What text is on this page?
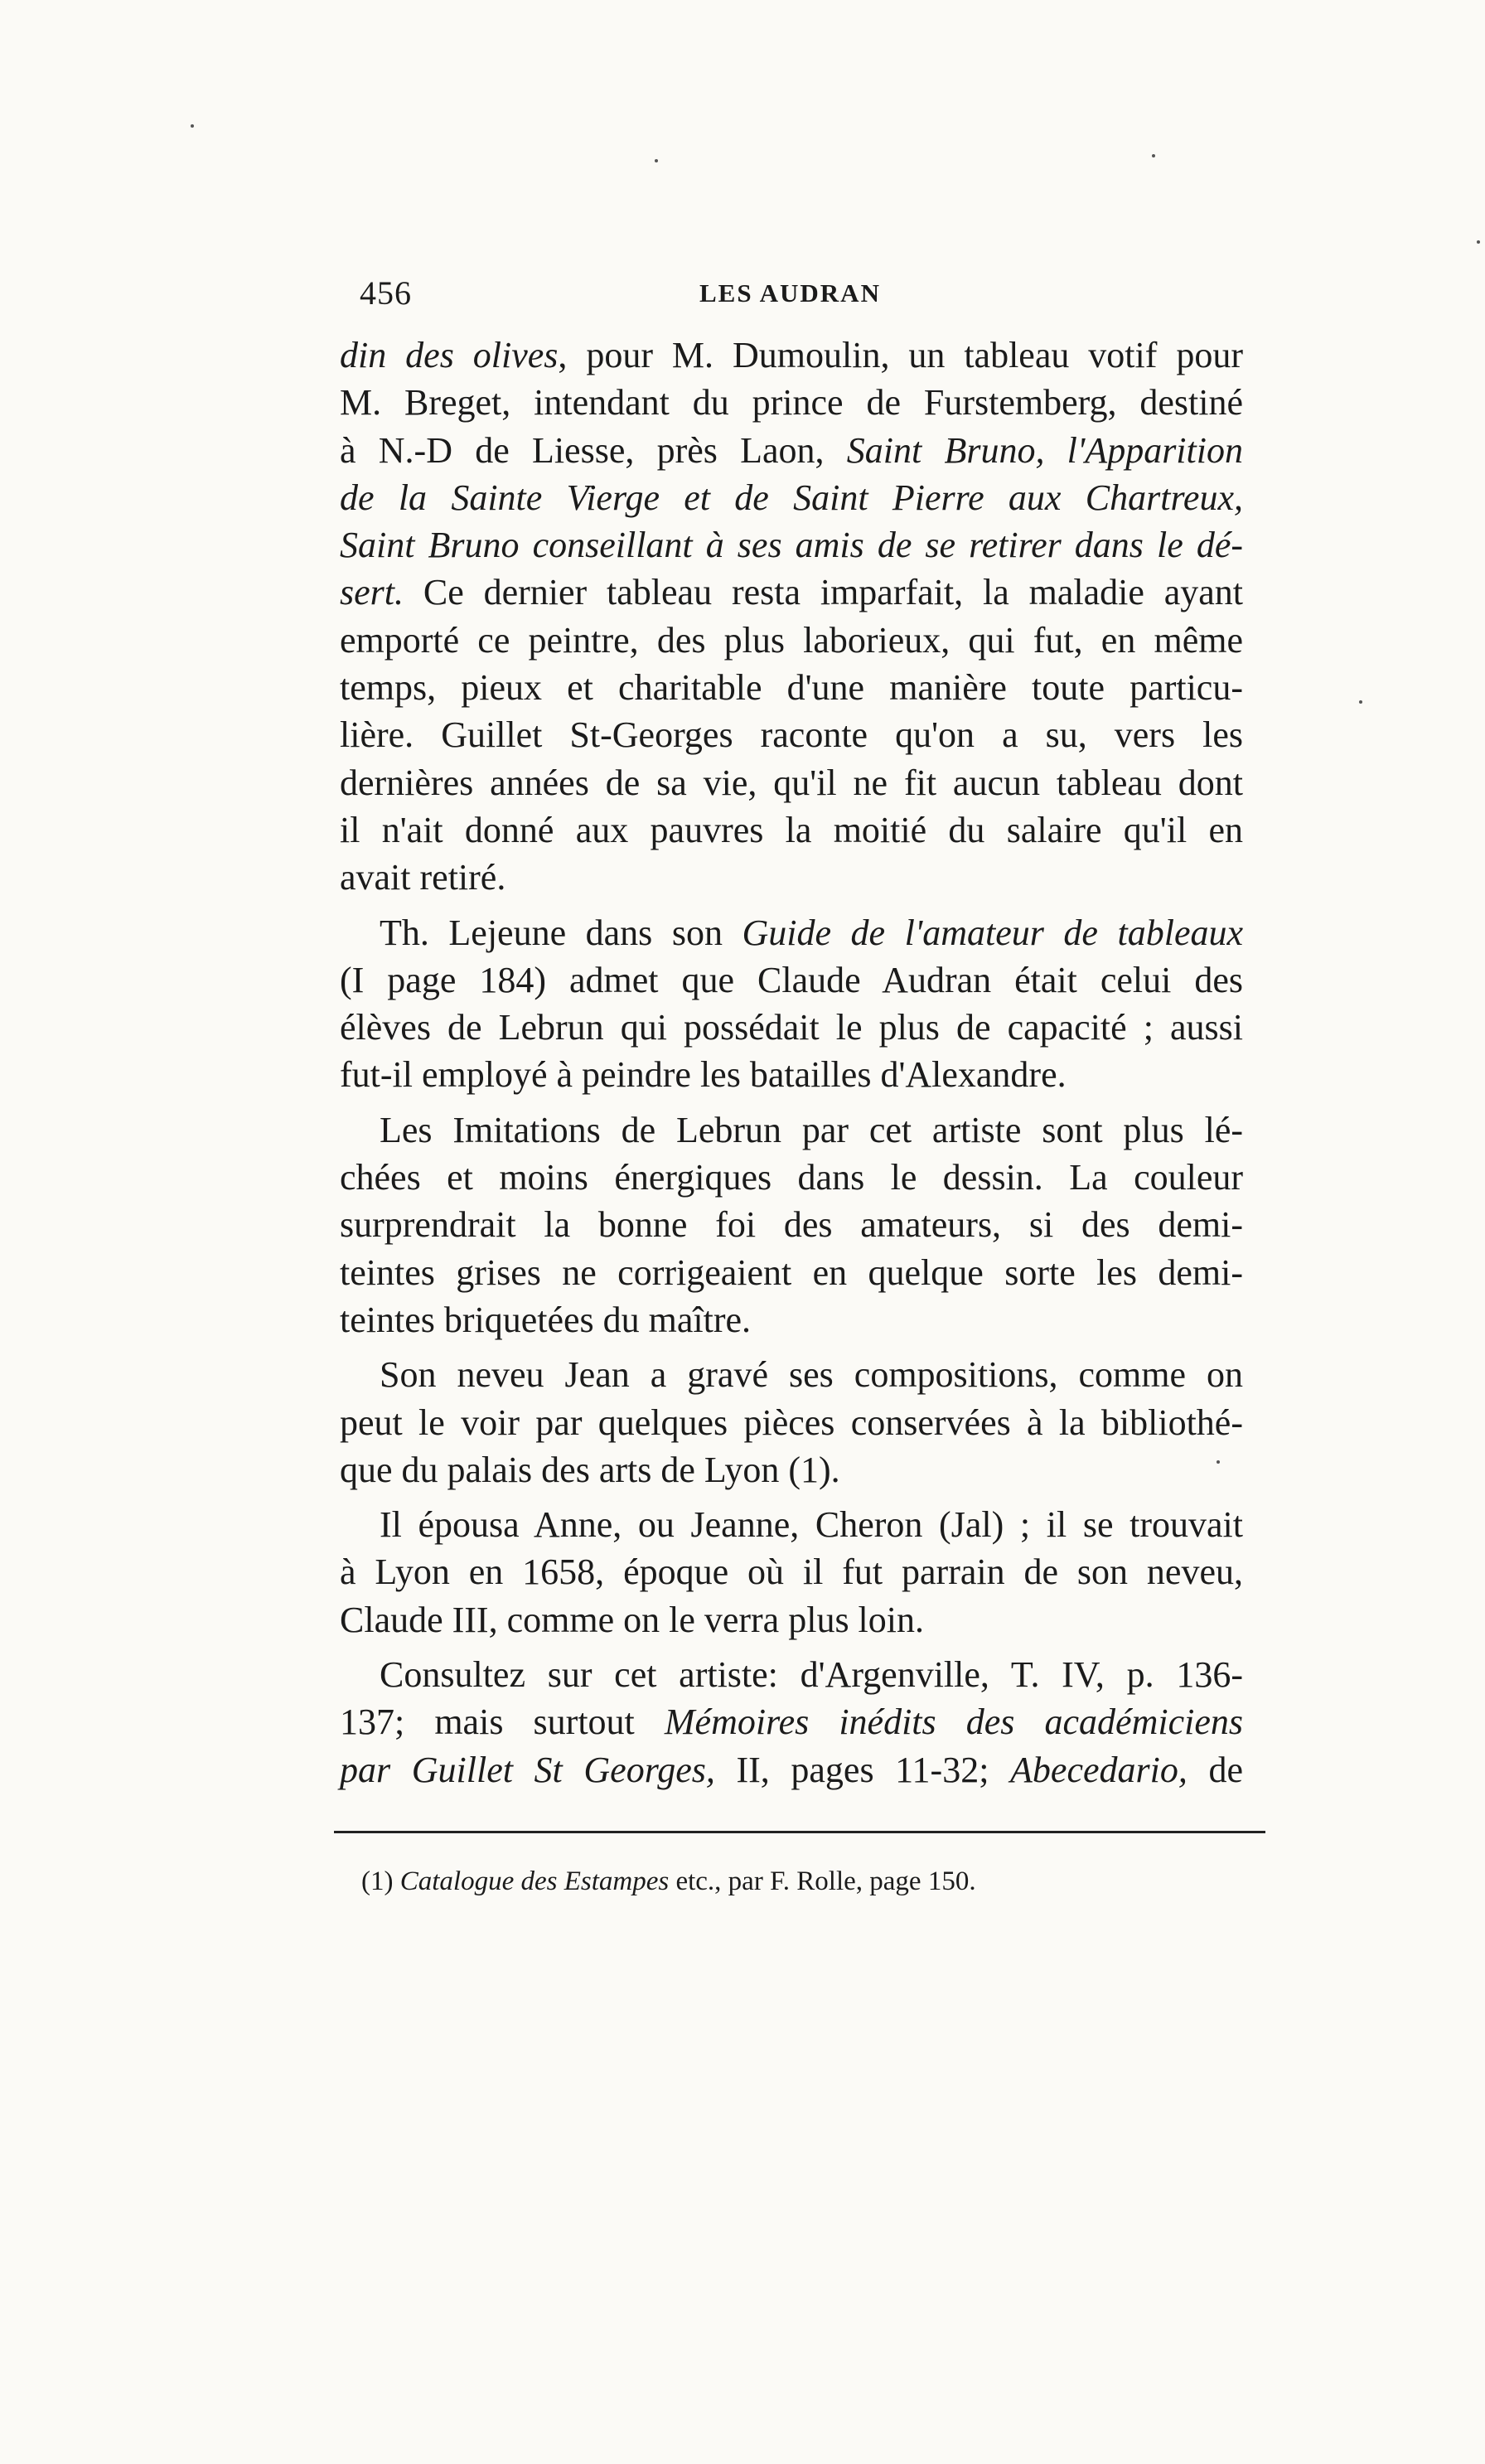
456	LES AUDRAN
din des olives, pour M. Dumoulin, un tableau votif pour
M. Breget, intendant du prince de Furstemberg, destiné
à N.-D de Liesse, près Laon, Saint Bruno, l'Apparition
de la Sainte Vierge et de Saint Pierre aux Chartreux,
Saint Bruno conseillant à ses amis de se retirer dans le dé-
sert. Ce dernier tableau resta imparfait, la maladie ayant
emporté ce peintre, des plus laborieux, qui fut, en même
temps, pieux et charitable d'une manière toute particu-
lière. Guillet St-Georges raconte qu'on a su, vers les
dernières années de sa vie, qu'il ne fit aucun tableau dont
il n'ait donné aux pauvres la moitié du salaire qu'il en
avait retiré.
Th. Lejeune dans son Guide de l'amateur de tableaux
(I page 184) admet que Claude Audran était celui des
élèves de Lebrun qui possédait le plus de capacité ; aussi
fut-il employé à peindre les batailles d'Alexandre.
Les Imitations de Lebrun par cet artiste sont plus lé-
chées et moins énergiques dans le dessin. La couleur
surprendrait la bonne foi des amateurs, si des demi-
teintes grises ne corrigeaient en quelque sorte les demi-
teintes briquetées du maître.
Son neveu Jean a gravé ses compositions, comme on
peut le voir par quelques pièces conservées à la bibliothé-
que du palais des arts de Lyon (1).
Il épousa Anne, ou Jeanne, Cheron (Jal) ; il se trouvait
à Lyon en 1658, époque où il fut parrain de son neveu,
Claude III, comme on le verra plus loin.
Consultez sur cet artiste: d'Argenville, T. IV, p. 136-
137; mais surtout Mémoires inédits des académiciens
par Guillet St Georges, II, pages 11-32; Abecedario, de
(1) Catalogue des Estampes etc., par F. Rolle, page 150.
